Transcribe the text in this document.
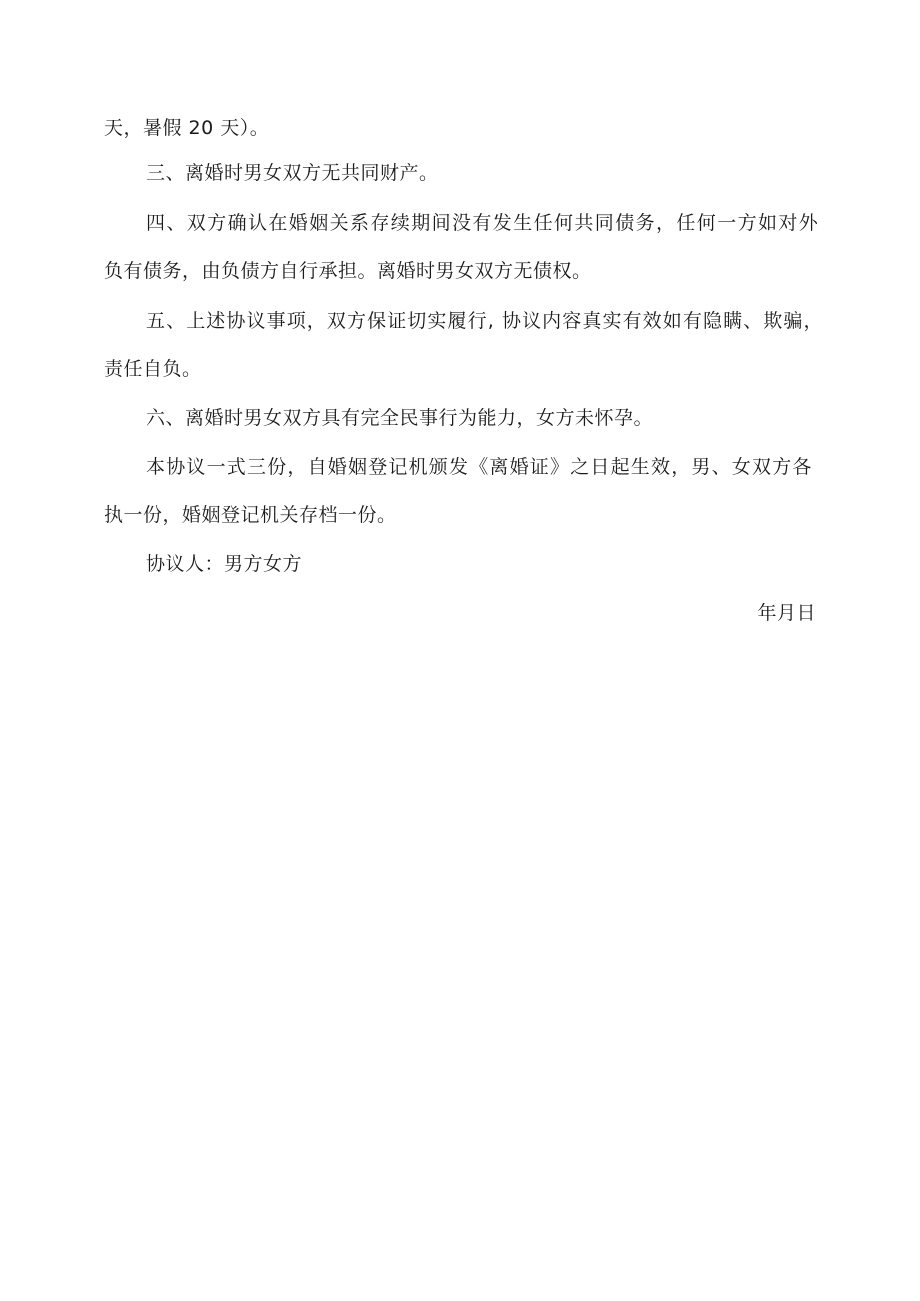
天，暑假 20 天）。
三、离婚时男女双方无共同财产。
四、双方确认在婚姻关系存续期间没有发生任何共同债务，任何一方如对外
负有债务，由负债方自行承担。离婚时男女双方无债权。
五、上述协议事项，双方保证切实履行, 协议内容真实有效如有隐瞒、欺骗，
责任自负。
六、离婚时男女双方具有完全民事行为能力，女方未怀孕。
本协议一式三份，自婚姻登记机颁发《离婚证》之日起生效，男、女双方各
执一份，婚姻登记机关存档一份。
协议人：男方女方
年月日
